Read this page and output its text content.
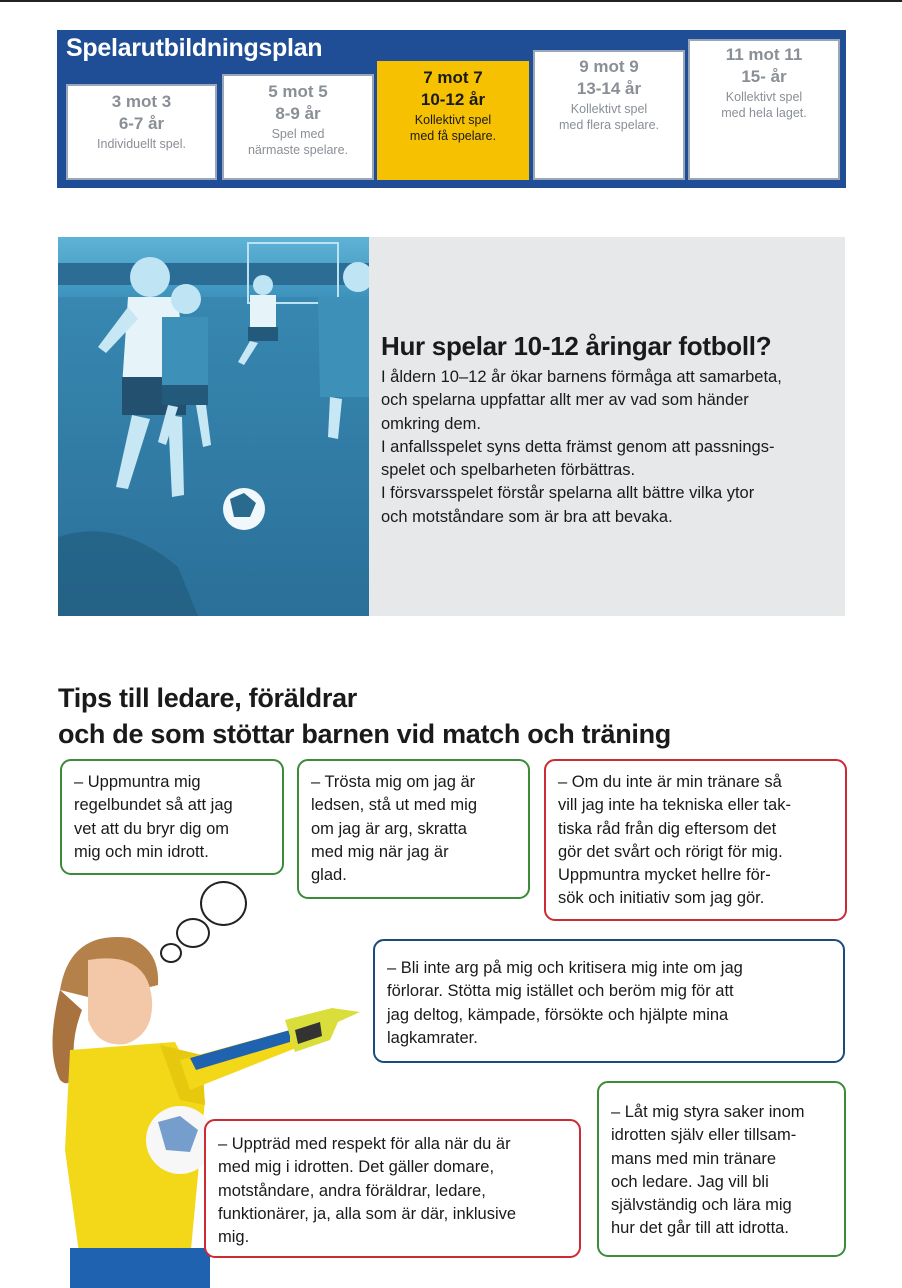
Spelarutbildningsplan
3 mot 3
6-7 år
Individuellt spel.
5 mot 5
8-9 år
Spel med
närmaste spelare.
7 mot 7
10-12 år
Kollektivt spel
med få spelare.
9 mot 9
13-14 år
Kollektivt spel
med flera spelare.
11 mot 11
15- år
Kollektivt spel
med hela laget.
Hur spelar 10-12 åringar fotboll?
I åldern 10–12 år ökar barnens förmåga att samarbeta,
och spelarna uppfattar allt mer av vad som händer
omkring dem.
I anfallsspelet syns detta främst genom att passnings-
spelet och spelbarheten förbättras.
I försvarsspelet förstår spelarna allt bättre vilka ytor
och motståndare som är bra att bevaka.
Tips till ledare, föräldrar
och de som stöttar barnen vid match och träning
– Uppmuntra mig
regelbundet så att jag
vet att du bryr dig om
mig och min idrott.
– Trösta mig om jag är
ledsen, stå ut med mig
om jag är arg, skratta
med mig när jag är
glad.
– Om du inte är min tränare så
vill jag inte ha tekniska eller tak-
tiska råd från dig eftersom det
gör det svårt och rörigt för mig.
Uppmuntra mycket hellre för-
sök och initiativ som jag gör.
– Bli inte arg på mig och kritisera mig inte om jag
förlorar. Stötta mig istället och beröm mig för att
jag deltog, kämpade, försökte och hjälpte mina
lagkamrater.
– Låt mig styra saker inom
idrotten själv eller tillsam-
mans med min tränare
och ledare. Jag vill bli
självständig och lära mig
hur det går till att idrotta.
– Uppträd med respekt för alla när du är
med mig i idrotten. Det gäller domare,
motståndare, andra föräldrar, ledare,
funktionärer, ja, alla som är där, inklusive
mig.
